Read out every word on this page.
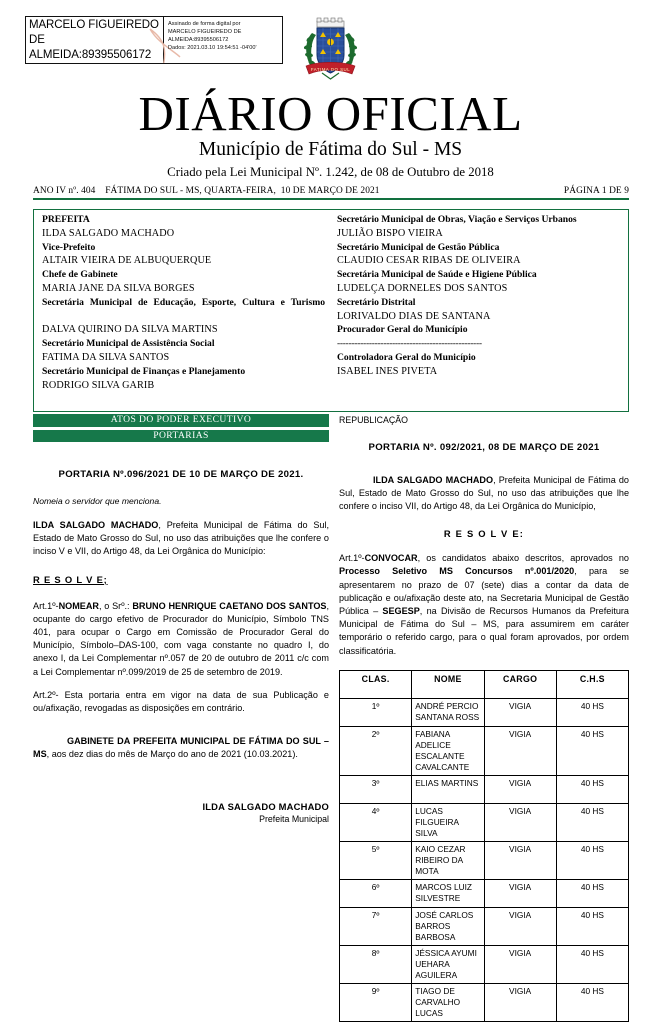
MARCELO FIGUEIREDO
DE
ALMEIDA:89395506172
Assinado de forma digital por
MARCELO FIGUEIREDO DE
ALMEIDA:89395506172
Dados: 2021.03.10 19:54:51 -04'00'
FATIMA DO SUL
DIÁRIO OFICIAL
Município de Fátima do Sul - MS
Criado pela Lei Municipal Nº. 1.242, de 08 de Outubro de 2018
ANO IV nº. 404    FÁTIMA DO SUL - MS, QUARTA-FEIRA,  10 DE MARÇO DE 2021	PÁGINA 1 DE 9
PREFEITA
ILDA SALGADO MACHADO
Vice-Prefeito
ALTAIR VIEIRA DE ALBUQUERQUE
Chefe de Gabinete
MARIA JANE DA SILVA BORGES
Secretária Municipal de Educação, Esporte, Cultura e Turismo
DALVA QUIRINO DA SILVA MARTINS
Secretário Municipal de Assistência Social
FATIMA DA SILVA SANTOS
Secretário Municipal de Finanças e Planejamento
RODRIGO SILVA GARIB
Secretário Municipal de Obras, Viação e Serviços Urbanos
JULIÃO BISPO VIEIRA
Secretário Municipal de Gestão Pública
CLAUDIO CESAR RIBAS DE OLIVEIRA
Secretária Municipal de Saúde e Higiene Pública
LUDELÇA DORNELES DOS SANTOS
Secretário Distrital
LORIVALDO DIAS DE SANTANA
Procurador Geral do Município
--------------------------------------------------
Controladora Geral do Município
ISABEL INES PIVETA
ATOS DO PODER EXECUTIVO
PORTARIAS
PORTARIA Nº.096/2021 DE 10 DE MARÇO DE 2021.
Nomeia o servidor que menciona.
ILDA SALGADO MACHADO, Prefeita Municipal de Fátima do Sul, Estado de Mato Grosso do Sul, no uso das atribuições que lhe confere o inciso V e VII, do Artigo 48, da Lei Orgânica do Município:
R E S O L V E;
Art.1º-NOMEAR, o Srº.: BRUNO HENRIQUE CAETANO DOS SANTOS, ocupante do cargo efetivo de Procurador do Município, Símbolo TNS 401, para ocupar o Cargo em Comissão de Procurador Geral do Município, Símbolo–DAS-100, com vaga constante no quadro I, do anexo I, da Lei Complementar nº.057 de 20 de outubro de 2011 c/c com a Lei Complementar nº.099/2019 de 25 de setembro de 2019.
Art.2º- Esta portaria entra em vigor na data de sua Publicação e ou/afixação, revogadas as disposições em contrário.
GABINETE DA PREFEITA MUNICIPAL DE FÁTIMA DO SUL – MS, aos dez dias do mês de Março do ano de 2021 (10.03.2021).
ILDA SALGADO MACHADO
Prefeita Municipal
REPUBLICAÇÃO
PORTARIA Nº. 092/2021, 08 DE MARÇO DE 2021
ILDA SALGADO MACHADO, Prefeita Municipal de Fátima do Sul, Estado de Mato Grosso do Sul, no uso das atribuições que lhe confere o inciso VII, do Artigo 48, da Lei Orgânica do Município,
R E S O L V E:
Art.1º-CONVOCAR, os candidatos abaixo descritos, aprovados no Processo Seletivo MS Concursos nº.001/2020, para se apresentarem no prazo de 07 (sete) dias a contar da data de publicação e ou/afixação deste ato, na Secretaria Municipal de Gestão Pública – SEGESP, na Divisão de Recursos Humanos da Prefeitura Municipal de Fátima do Sul – MS, para assumirem em caráter temporário o referido cargo, para o qual foram aprovados, por ordem classificatória.
CLAS.	NOME	CARGO	C.H.S
1º	ANDRÉ PERCIO SANTANA ROSS	VIGIA	40 HS
2º	FABIANA ADELICE ESCALANTE CAVALCANTE	VIGIA	40 HS
3º	ELIAS MARTINS	VIGIA	40 HS
4º	LUCAS FILGUEIRA SILVA	VIGIA	40 HS
5º	KAIO CEZAR RIBEIRO DA MOTA	VIGIA	40 HS
6º	MARCOS LUIZ SILVESTRE	VIGIA	40 HS
7º	JOSÉ CARLOS BARROS BARBOSA	VIGIA	40 HS
8º	JÉSSICA AYUMI UEHARA AGUILERA	VIGIA	40 HS
9º	TIAGO DE CARVALHO LUCAS	VIGIA	40 HS
